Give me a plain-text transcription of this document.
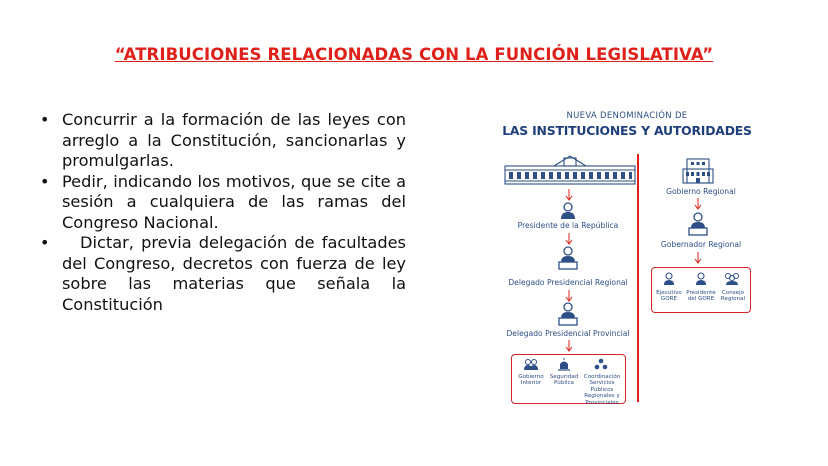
“ATRIBUCIONES RELACIONADAS CON LA FUNCIÓN LEGISLATIVA”
• Concurrir a la formación de las leyes con arreglo a la Constitución, sancionarlas y promulgarlas.
• Pedir, indicando los motivos, que se cite a sesión a cualquiera de las ramas del Congreso Nacional.
•	Dictar, previa delegación de facultades del Congreso, decretos con fuerza de ley sobre las materias que señala la Constitución
NUEVA DENOMINACIÓN DE
LAS INSTITUCIONES Y AUTORIDADES
Presidente de la República
Delegado Presidencial Regional
Delegado Presidencial Provincial
Gobierno Interior
Seguridad Pública
Coordinación Servicios Públicos Regionales y Provinciales
Gobierno Regional
Gobernador Regional
Ejecutivo GORE
Presidente del GORE
Consejo Regional
